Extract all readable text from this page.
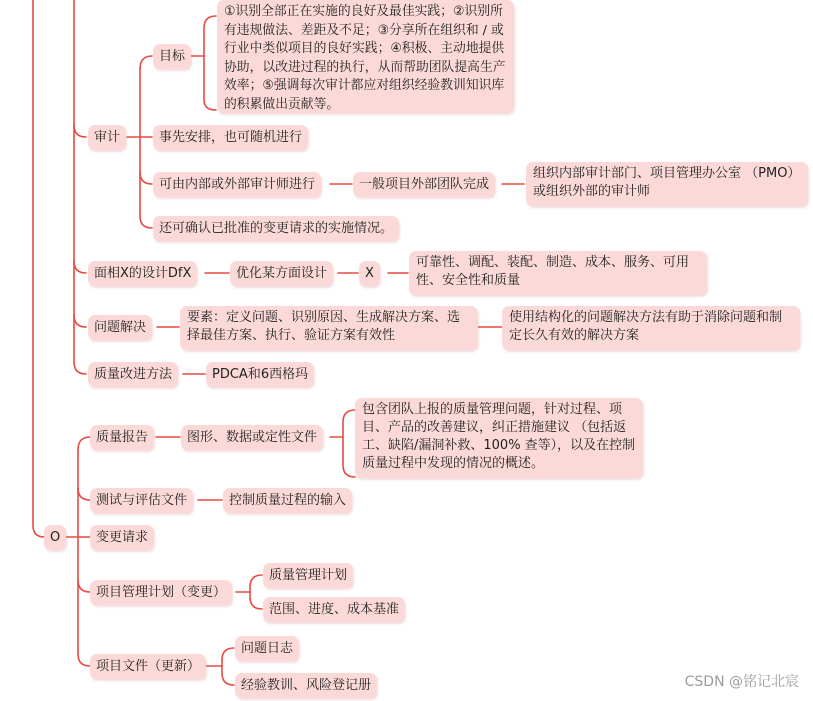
目标
①识别全部正在实施的良好及最佳实践；②识别所有违规做法、差距及不足；③分享所在组织和 / 或行业中类似项目的良好实践；④积极、主动地提供协助，以改进过程的执行，从而帮助团队提高生产效率；⑤强调每次审计都应对组织经验教训知识库的积累做出贡献等。
审计	事先安排，也可随机进行
可由内部或外部审计师进行	一般项目外部团队完成
组织内部审计部门、项目管理办公室 （PMO）或组织外部的审计师
还可确认已批准的变更请求的实施情况。
面相X的设计DfX	优化某方面设计	X
可靠性、调配、装配、制造、成本、服务、可用性、安全性和质量
问题解决
要素：定义问题、识别原因、生成解决方案、选择最佳方案、执行、验证方案有效性
使用结构化的问题解决方法有助于消除问题和制定长久有效的解决方案
质量改进方法	PDCA和6西格玛
O
质量报告	图形、数据或定性文件
包含团队上报的质量管理问题，针对过程、项目、产品的改善建议，纠正措施建议 （包括返工、缺陷/漏洞补救、100% 查等），以及在控制质量过程中发现的情况的概述。
测试与评估文件	控制质量过程的输入
变更请求
项目管理计划（变更）
质量管理计划
范围、进度、成本基准
项目文件（更新）
问题日志
经验教训、风险登记册	CSDN @铭记北宸
